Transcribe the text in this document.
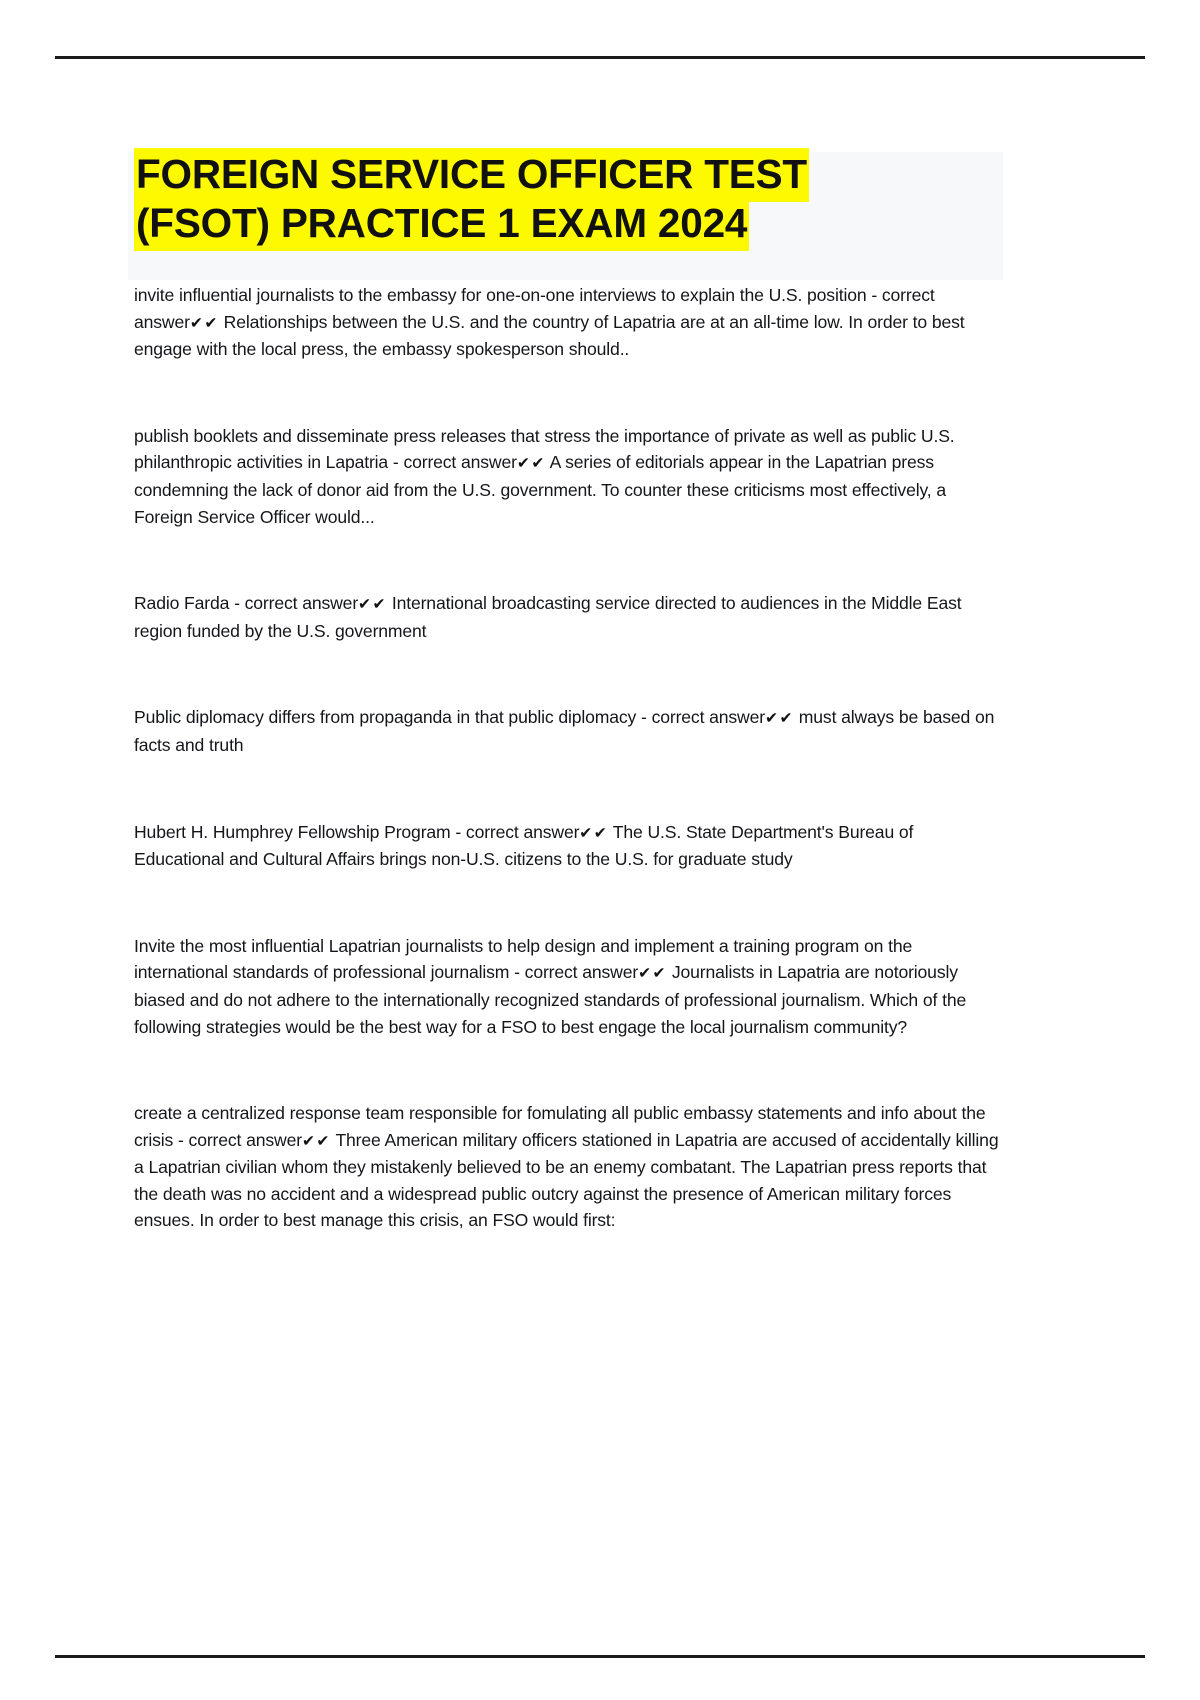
FOREIGN SERVICE OFFICER TEST
(FSOT) PRACTICE 1 EXAM 2024

invite influential journalists to the embassy for one-on-one interviews to explain the U.S. position - correct answer✔✔ Relationships between the U.S. and the country of Lapatria are at an all-time low. In order to best engage with the local press, the embassy spokesperson should..

publish booklets and disseminate press releases that stress the importance of private as well as public U.S. philanthropic activities in Lapatria - correct answer✔✔ A series of editorials appear in the Lapatrian press condemning the lack of donor aid from the U.S. government. To counter these criticisms most effectively, a Foreign Service Officer would...

Radio Farda - correct answer✔✔ International broadcasting service directed to audiences in the Middle East region funded by the U.S. government

Public diplomacy differs from propaganda in that public diplomacy - correct answer✔✔ must always be based on facts and truth

Hubert H. Humphrey Fellowship Program - correct answer✔✔ The U.S. State Department's Bureau of Educational and Cultural Affairs brings non-U.S. citizens to the U.S. for graduate study

Invite the most influential Lapatrian journalists to help design and implement a training program on the international standards of professional journalism - correct answer✔✔ Journalists in Lapatria are notoriously biased and do not adhere to the internationally recognized standards of professional journalism. Which of the following strategies would be the best way for a FSO to best engage the local journalism community?

create a centralized response team responsible for fomulating all public embassy statements and info about the crisis - correct answer✔✔ Three American military officers stationed in Lapatria are accused of accidentally killing a Lapatrian civilian whom they mistakenly believed to be an enemy combatant. The Lapatrian press reports that the death was no accident and a widespread public outcry against the presence of American military forces ensues. In order to best manage this crisis, an FSO would first:
